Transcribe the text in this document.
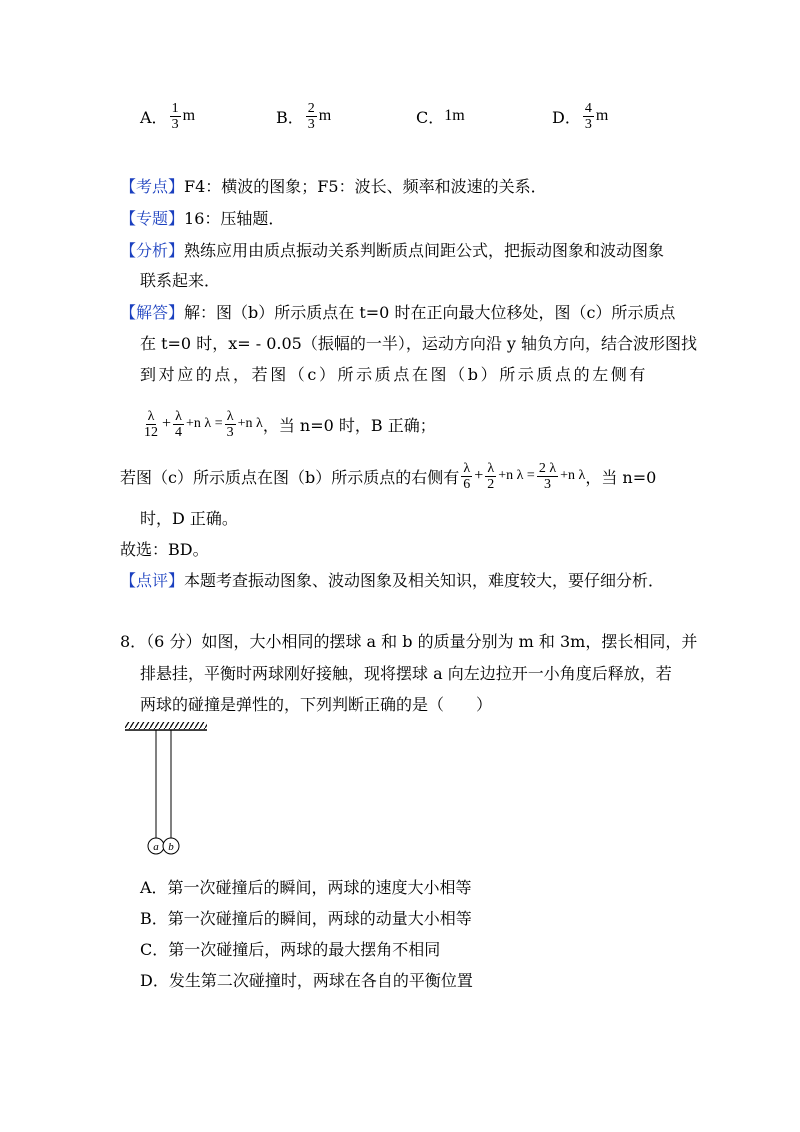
A． $\frac{1}{3}$ m	B． $\frac{2}{3}$ m	C． 1m	D． $\frac{4}{3}$ m
【考点】F4：横波的图象；F5：波长、频率和波速的关系．
【专题】16：压轴题．
【分析】熟练应用由质点振动关系判断质点间距公式，把振动图象和波动图象
联系起来．
【解答】解：图（b）所示质点在 t=0 时在正向最大位移处，图（c）所示质点
在 t=0 时，x= - 0.05（振幅的一半），运动方向沿 y 轴负方向，结合波形图找
到对应的点，若图（c）所示质点在图（b）所示质点的左侧有
$\frac{\lambda}{12} + \frac{\lambda}{4} +n$ $\lambda = \frac{\lambda}{3} +n$ λ ，当 n=0 时，B 正确；
若图（c）所示质点在图（b）所示质点的右侧有 $\frac{\lambda}{6} + \frac{\lambda}{2} +n$ $\lambda = \frac{2 \lambda}{3} +n$ λ ，当 n=0
时，D 正确。
故选：BD。
【点评】本题考查振动图象、波动图象及相关知识，难度较大，要仔细分析．
8．（6 分）如图，大小相同的摆球 a 和 b 的质量分别为 m 和 3m，摆长相同，并
排悬挂，平衡时两球刚好接触，现将摆球 a 向左边拉开一小角度后释放，若
两球的碰撞是弹性的，下列判断正确的是（　　）
a b
A．第一次碰撞后的瞬间，两球的速度大小相等
B．第一次碰撞后的瞬间，两球的动量大小相等
C．第一次碰撞后，两球的最大摆角不相同
D．发生第二次碰撞时，两球在各自的平衡位置
